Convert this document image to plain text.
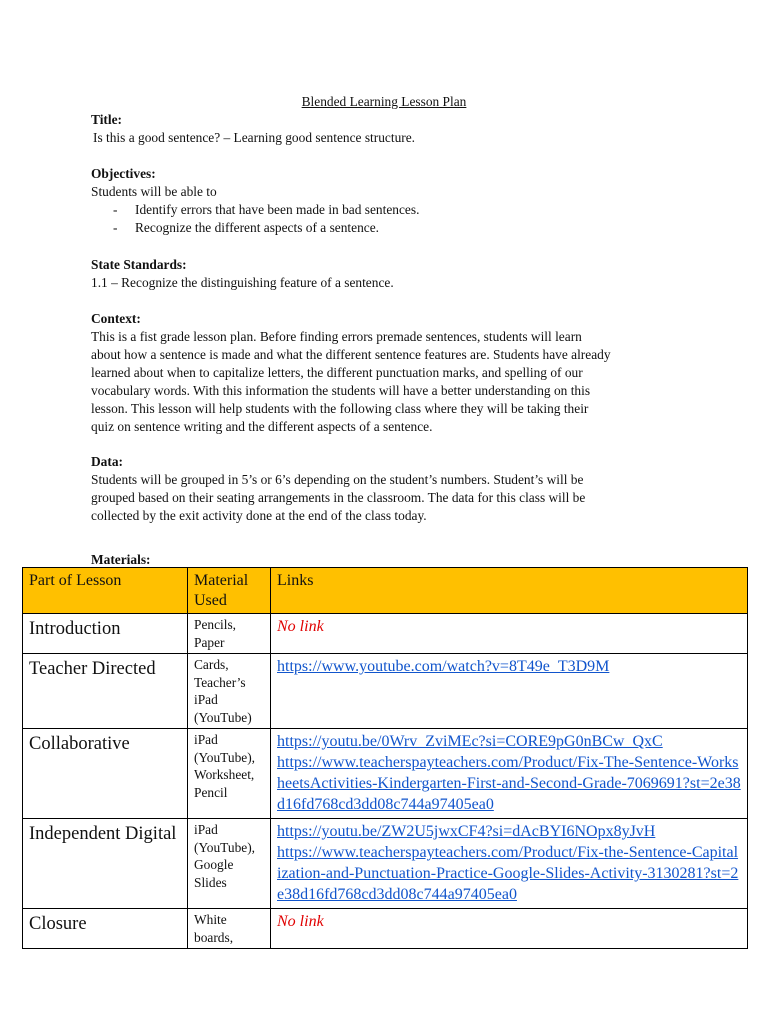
Blended Learning Lesson Plan
Title:
Is this a good sentence? – Learning good sentence structure.
Objectives:
Students will be able to
- Identify errors that have been made in bad sentences.
- Recognize the different aspects of a sentence.
State Standards:
1.1 – Recognize the distinguishing feature of a sentence.
Context:
This is a fist grade lesson plan. Before finding errors premade sentences, students will learn
about how a sentence is made and what the different sentence features are. Students have already
learned about when to capitalize letters, the different punctuation marks, and spelling of our
vocabulary words. With this information the students will have a better understanding on this
lesson. This lesson will help students with the following class where they will be taking their
quiz on sentence writing and the different aspects of a sentence.
Data:
Students will be grouped in 5’s or 6’s depending on the student’s numbers. Student’s will be
grouped based on their seating arrangements in the classroom. The data for this class will be
collected by the exit activity done at the end of the class today.
Materials:
Part of Lesson	Material Used	Links
Introduction	Pencils, Paper	No link
Teacher Directed	Cards, Teacher’s iPad (YouTube)	https://www.youtube.com/watch?v=8T49e_T3D9M

Collaborative	iPad (YouTube), Worksheet, Pencil	https://youtu.be/0Wrv_ZviMEc?si=CORE9pG0nBCw_QxC
https://www.teacherspayteachers.com/Product/Fix-The-Sentence-WorksheetsActivities-Kindergarten-First-and-Second-Grade-7069691?st=2e38d16fd768cd3dd08c744a97405ea0

Independent Digital	iPad (YouTube), Google Slides	https://youtu.be/ZW2U5jwxCF4?si=dAcBYI6NOpx8yJvH
https://www.teacherspayteachers.com/Product/Fix-the-Sentence-Capitalization-and-Punctuation-Practice-Google-Slides-Activity-3130281?st=2e38d16fd768cd3dd08c744a97405ea0

Closure	White boards,	No link
